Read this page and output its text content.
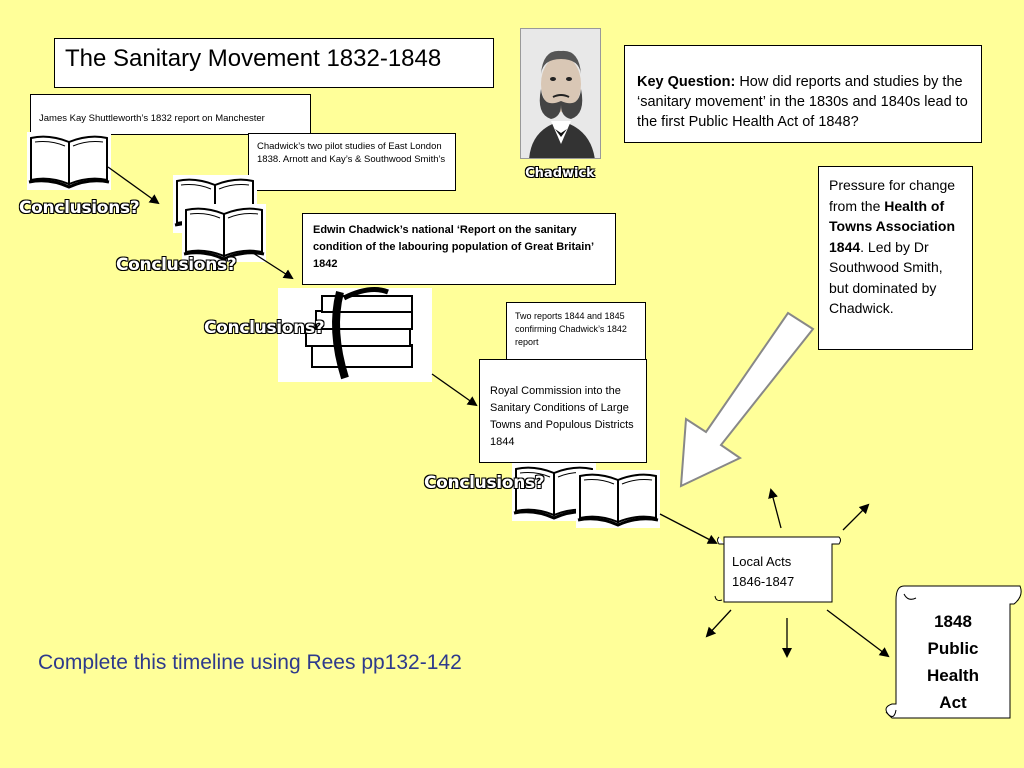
The Sanitary Movement 1832-1848
Chadwick
Key Question: How did reports and studies by the ‘sanitary movement’ in the 1830s and 1840s lead to the first Public Health Act of 1848?
Pressure for change from the Health of Towns Association 1844. Led by Dr Southwood Smith, but dominated by Chadwick.
James Kay Shuttleworth’s 1832 report on Manchester
Chadwick’s two pilot studies of East London 1838. Arnott and Kay’s & Southwood Smith’s
Edwin Chadwick’s national ‘Report on the sanitary condition of the labouring population of Great Britain’ 1842
Two reports 1844 and 1845 confirming Chadwick’s 1842 report
Royal Commission into the Sanitary Conditions of Large Towns and Populous Districts 1844
Conclusions?
Conclusions?
Conclusions?
Conclusions?
Local Acts
1846-1847
1848
Public
Health
Act
Complete this timeline using Rees pp132-142
